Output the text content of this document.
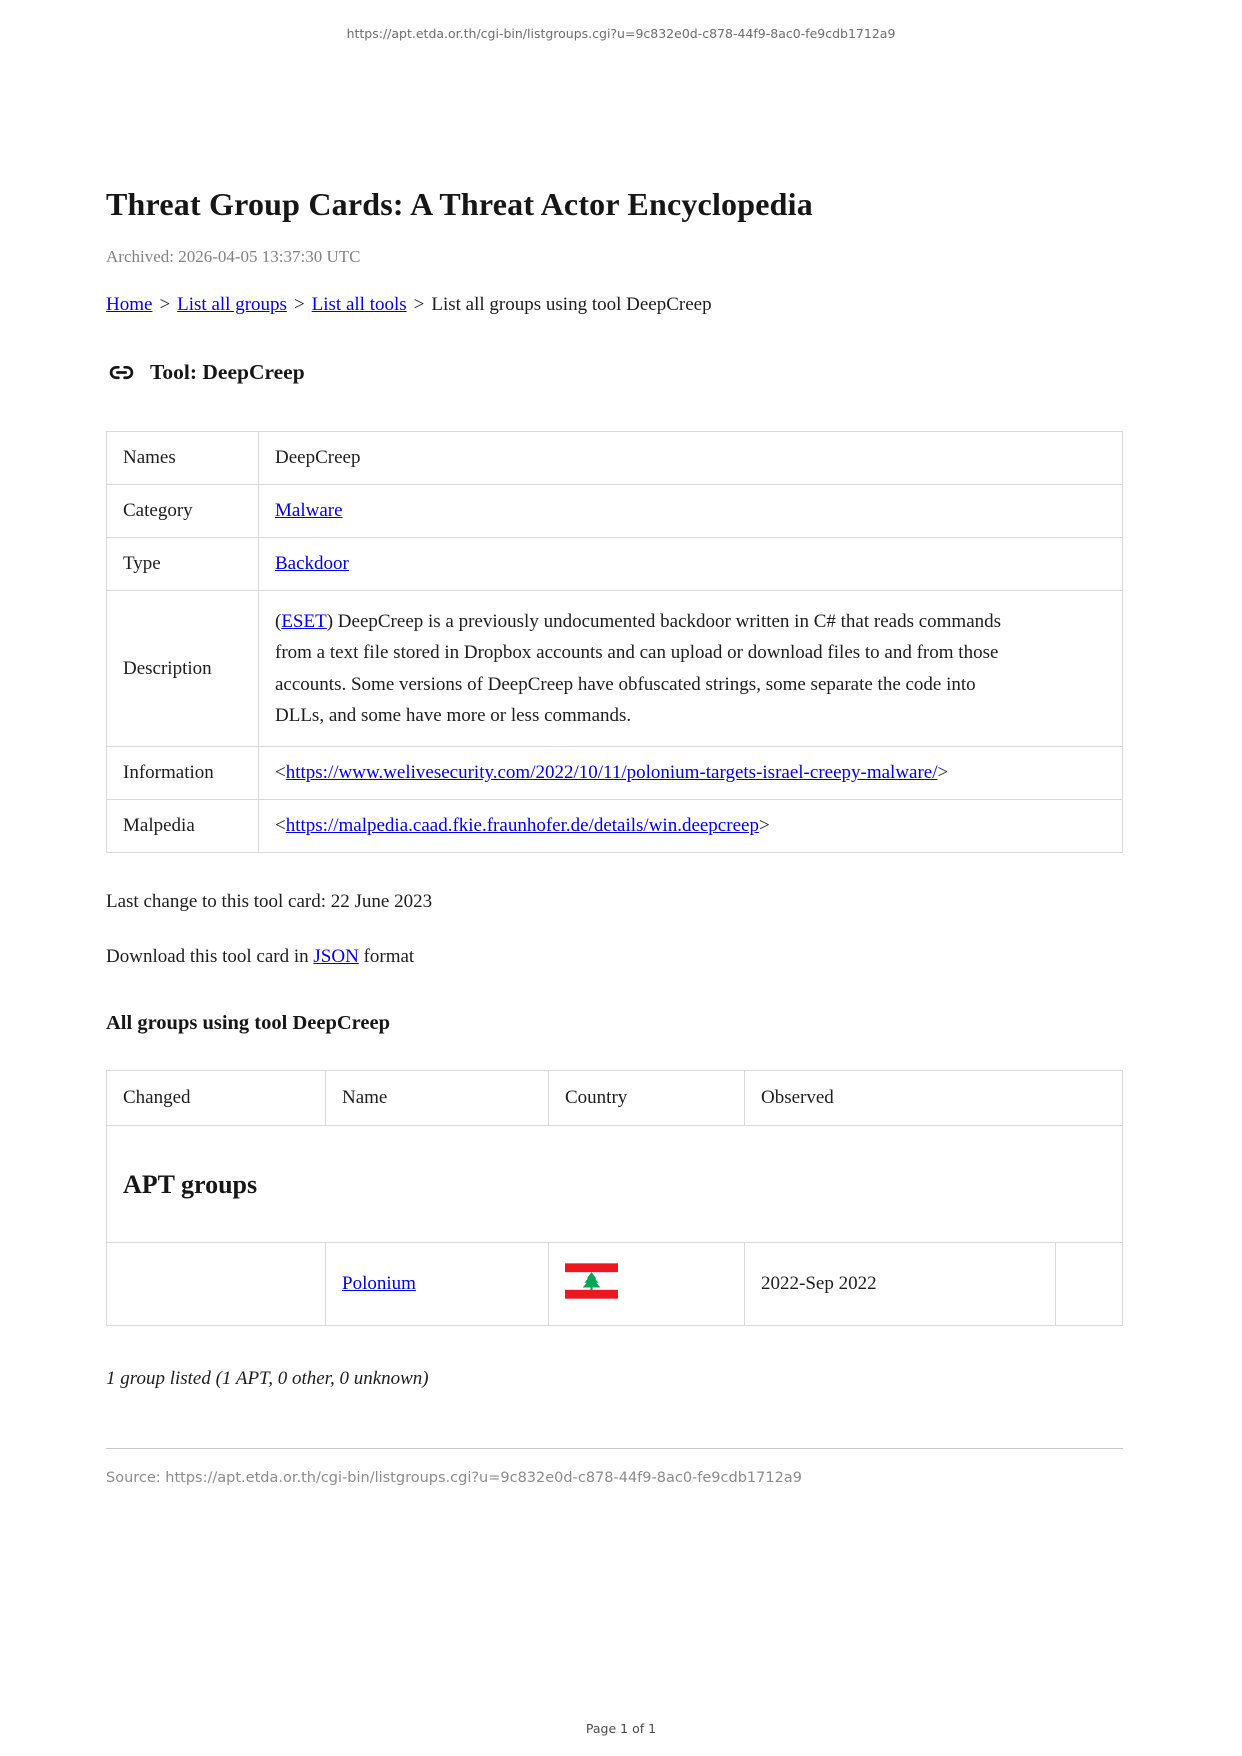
https://apt.etda.or.th/cgi-bin/listgroups.cgi?u=9c832e0d-c878-44f9-8ac0-fe9cdb1712a9
Threat Group Cards: A Threat Actor Encyclopedia
Archived: 2026-04-05 13:37:30 UTC
Home > List all groups > List all tools > List all groups using tool DeepCreep
Tool: DeepCreep
Names	DeepCreep
Category	Malware
Type	Backdoor
Description	(ESET) DeepCreep is a previously undocumented backdoor written in C# that reads commands from a text file stored in Dropbox accounts and can upload or download files to and from those accounts. Some versions of DeepCreep have obfuscated strings, some separate the code into DLLs, and some have more or less commands.

Information	<https://www.welivesecurity.com/2022/10/11/polonium-targets-israel-creepy-malware/>
Malpedia	<https://malpedia.caad.fkie.fraunhofer.de/details/win.deepcreep>

Last change to this tool card: 22 June 2023

Download this tool card in JSON format

All groups using tool DeepCreep
Changed	Name	Country	Observed	
APT groups				
	Polonium		2022-Sep 2022	

1 group listed (1 APT, 0 other, 0 unknown)

Source: https://apt.etda.or.th/cgi-bin/listgroups.cgi?u=9c832e0d-c878-44f9-8ac0-fe9cdb1712a9

Page 1 of 1
